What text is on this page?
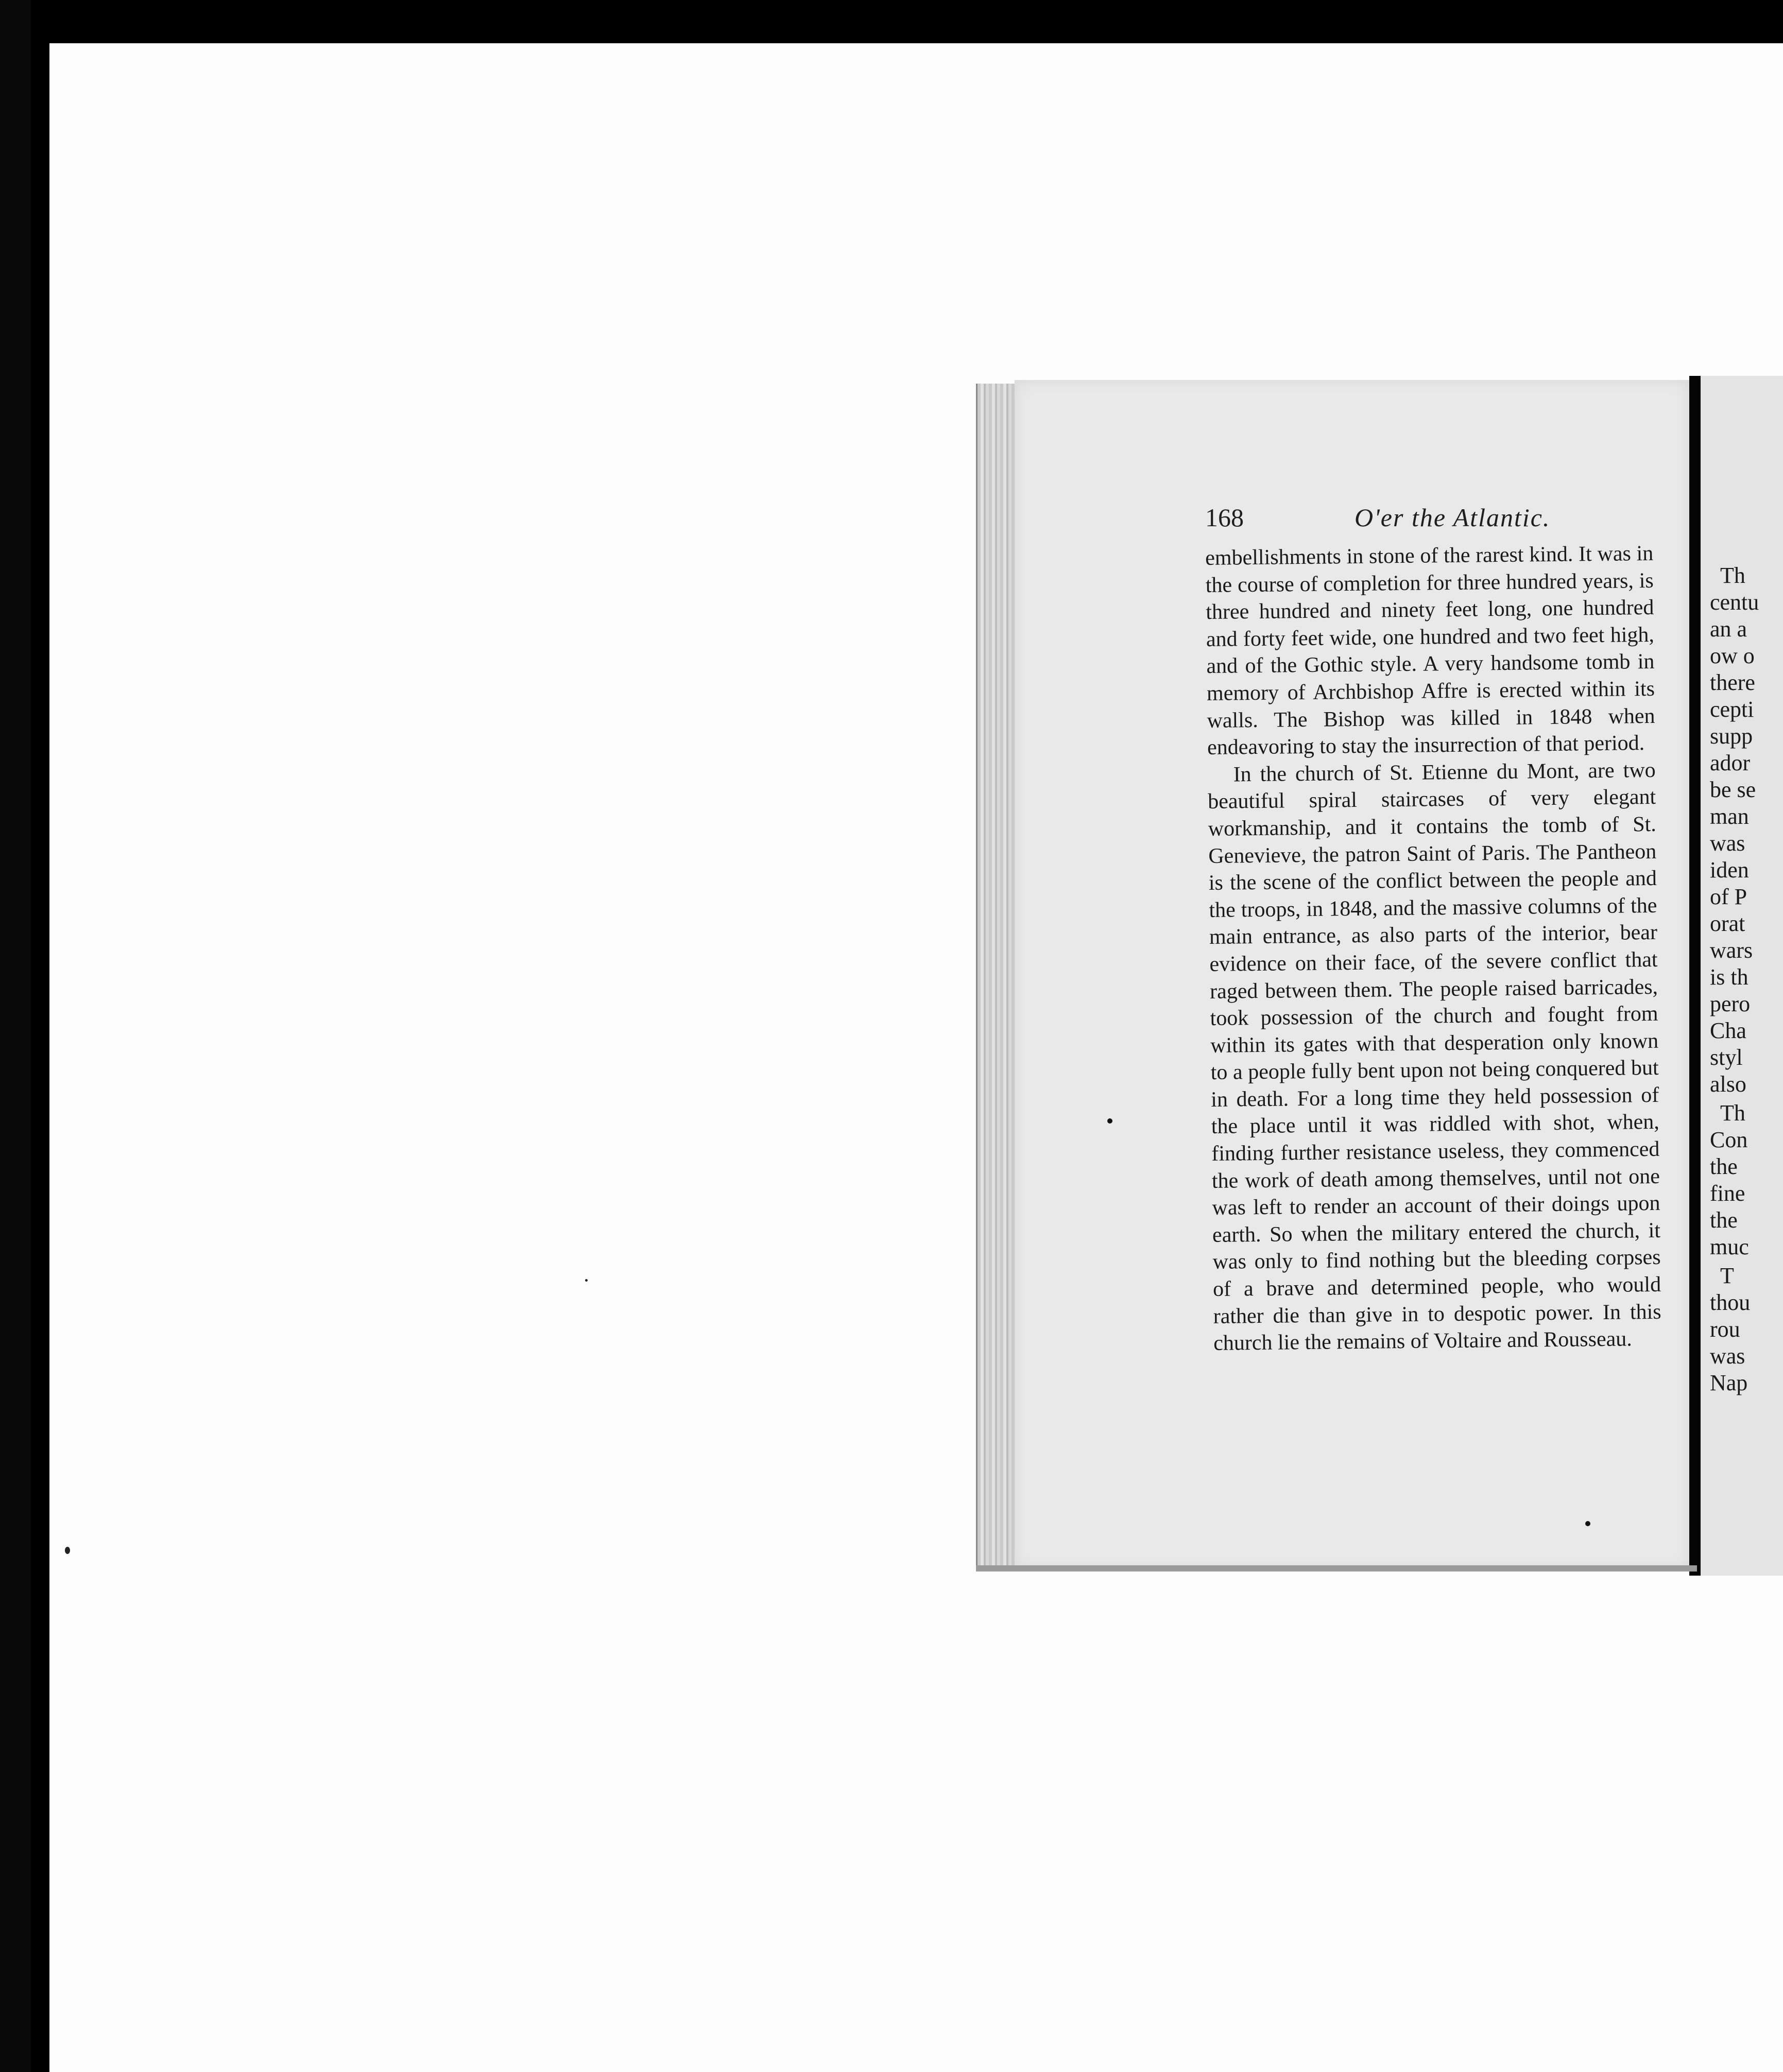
168	O'er the Atlantic.

embellishments in stone of the rarest kind. It was in the course of completion for three hundred years, is three hundred and ninety feet long, one hundred and forty feet wide, one hundred and two feet high, and of the Gothic style. A very handsome tomb in memory of Archbishop Affre is erected within its walls. The Bishop was killed in 1848 when endeavoring to stay the insurrection of that period.

In the church of St. Etienne du Mont, are two beautiful spiral staircases of very elegant workmanship, and it contains the tomb of St. Genevieve, the patron Saint of Paris. The Pantheon is the scene of the conflict between the people and the troops, in 1848, and the massive columns of the main entrance, as also parts of the interior, bear evidence on their face, of the severe conflict that raged between them. The people raised barricades, took possession of the church and fought from within its gates with that desperation only known to a people fully bent upon not being conquered but in death. For a long time they held possession of the place until it was riddled with shot, when, finding further resistance useless, they commenced the work of death among themselves, until not one was left to render an account of their doings upon earth. So when the military entered the church, it was only to find nothing but the bleeding corpses of a brave and determined people, who would rather die than give in to despotic power. In this church lie the remains of Voltaire and Rousseau.

Th
centu
an a
ow o
there
cepti
supp
ador
be se
man
was
iden
of P
orat
wars
is th
pero
Cha
styl
also
Th
Con
the
fine
the
muc
T
thou
rou
was
Nap
